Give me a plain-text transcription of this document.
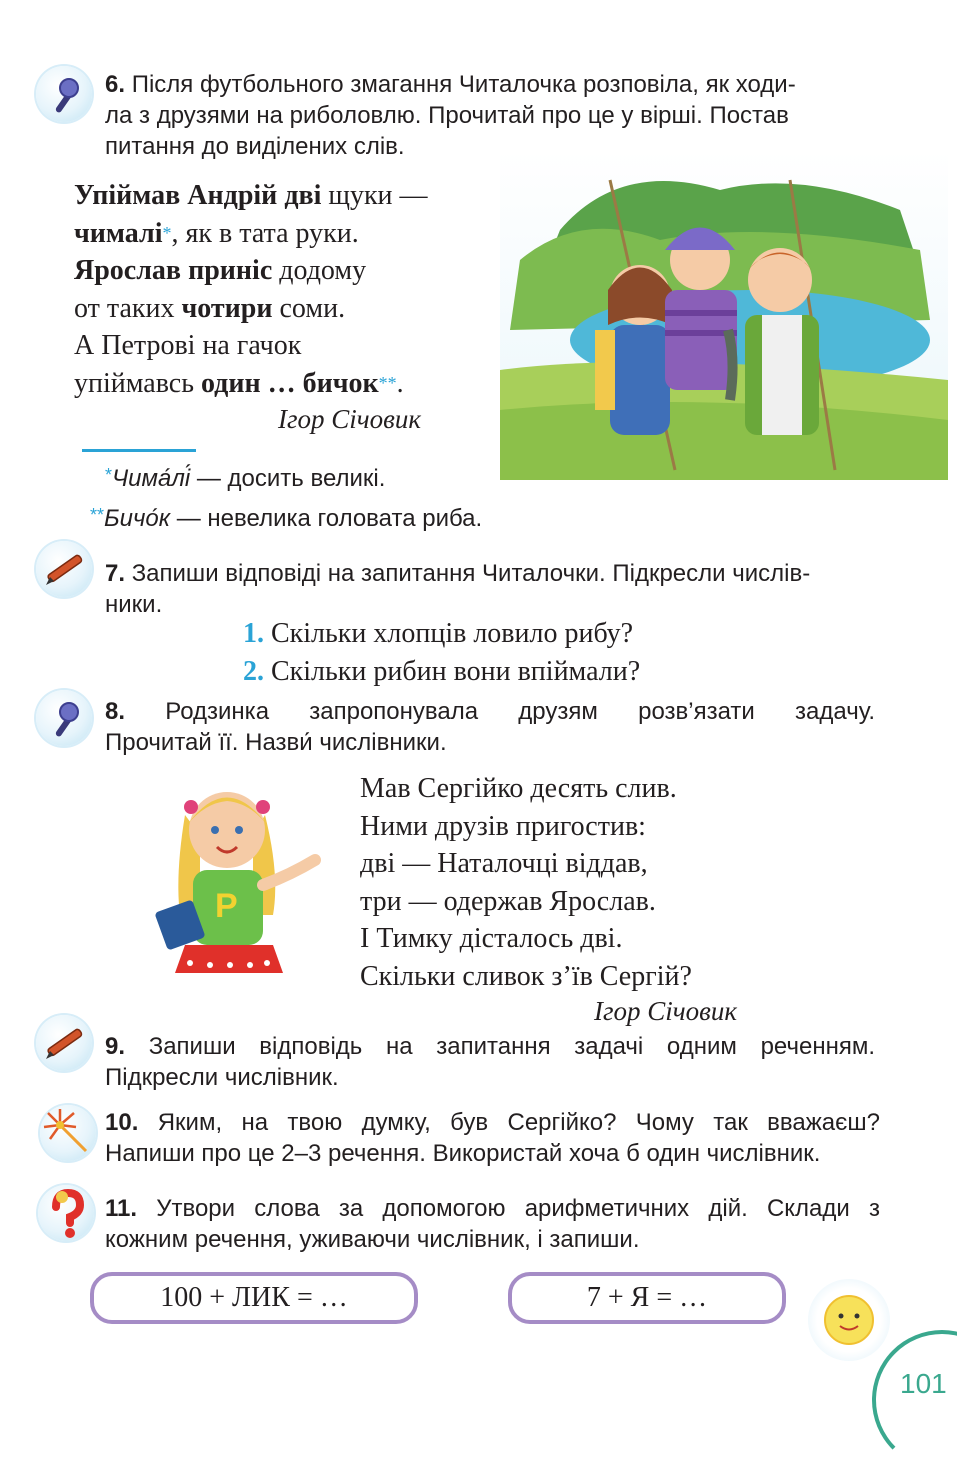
6. Після футбольного змагання Читалочка розповіла, як ходи-
ла з друзями на риболовлю. Прочитай про це у вірші. Постав
питання до виділених слів.
Упіймав Андрій дві щуки —
чималі*, як в тата руки.
Ярослав приніс додому
от таких чотири соми.
А Петрові на гачок
упіймавсь один … бичок**.
Ігор Січовик
*Чима́лі́ — досить великі.
**Бичо́к — невелика головата риба.
7. Запиши відповіді на запитання Читалочки. Підкресли числів-
ники.
1. Скільки хлопців ловило рибу?
2. Скільки рибин вони впіймали?
8. Родзинка запропонувала друзям розв’язати задачу.
Прочитай її. Назви́ числівники.
Р
Мав Сергійко десять слив.
Ними друзів пригостив:
дві — Наталочці віддав,
три — одержав Ярослав.
І Тимку дісталось дві.
Скільки сливок з’їв Сергій?
Ігор Січовик
9. Запиши відповідь на запитання задачі одним реченням.
Підкресли числівник.
10. Яким, на твою думку, був Сергійко? Чому так вважаєш?
Напиши про це 2–3 речення. Використай хоча б один числівник.
11. Утвори слова за допомогою арифметичних дій. Склади з
кожним речення, уживаючи числівник, і запиши.
100 + ЛИК = …	7 + Я = …
101
